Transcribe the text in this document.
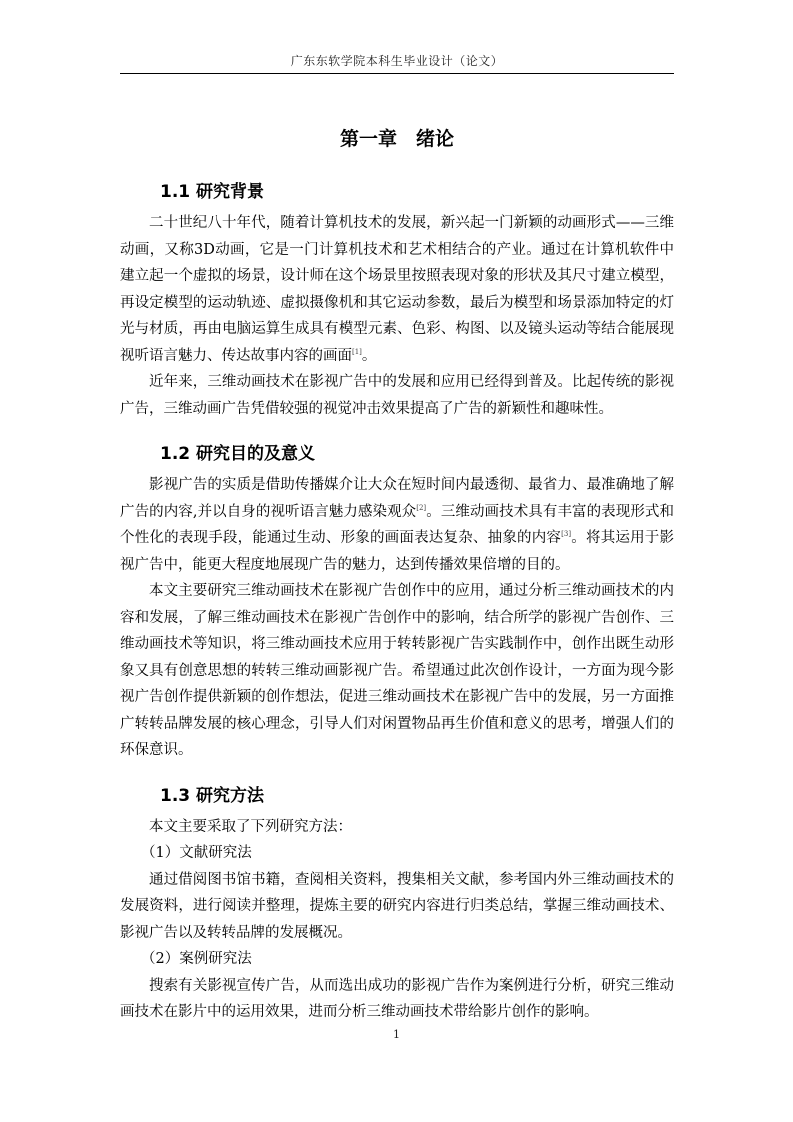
广东东软学院本科生毕业设计（论文）
第一章　绪论
1.1 研究背景

二十世纪八十年代，随着计算机技术的发展，新兴起一门新颖的动画形式——三维动画，又称3D动画，它是一门计算机技术和艺术相结合的产业。通过在计算机软件中建立起一个虚拟的场景，设计师在这个场景里按照表现对象的形状及其尺寸建立模型，再设定模型的运动轨迹、虚拟摄像机和其它运动参数，最后为模型和场景添加特定的灯光与材质，再由电脑运算生成具有模型元素、色彩、构图、以及镜头运动等结合能展现视听语言魅力、传达故事内容的画面[1]。

近年来，三维动画技术在影视广告中的发展和应用已经得到普及。比起传统的影视广告，三维动画广告凭借较强的视觉冲击效果提高了广告的新颖性和趣味性。

1.2 研究目的及意义

影视广告的实质是借助传播媒介让大众在短时间内最透彻、最省力、最准确地了解广告的内容,并以自身的视听语言魅力感染观众[2]。三维动画技术具有丰富的表现形式和个性化的表现手段，能通过生动、形象的画面表达复杂、抽象的内容[3]。将其运用于影视广告中，能更大程度地展现广告的魅力，达到传播效果倍增的目的。

本文主要研究三维动画技术在影视广告创作中的应用，通过分析三维动画技术的内容和发展，了解三维动画技术在影视广告创作中的影响，结合所学的影视广告创作、三维动画技术等知识，将三维动画技术应用于转转影视广告实践制作中，创作出既生动形象又具有创意思想的转转三维动画影视广告。希望通过此次创作设计，一方面为现今影视广告创作提供新颖的创作想法，促进三维动画技术在影视广告中的发展，另一方面推广转转品牌发展的核心理念，引导人们对闲置物品再生价值和意义的思考，增强人们的环保意识。

1.3 研究方法

本文主要采取了下列研究方法：

（1）文献研究法

通过借阅图书馆书籍，查阅相关资料，搜集相关文献，参考国内外三维动画技术的发展资料，进行阅读并整理，提炼主要的研究内容进行归类总结，掌握三维动画技术、影视广告以及转转品牌的发展概况。

（2）案例研究法

搜索有关影视宣传广告，从而选出成功的影视广告作为案例进行分析，研究三维动画技术在影片中的运用效果，进而分析三维动画技术带给影片创作的影响。

1
